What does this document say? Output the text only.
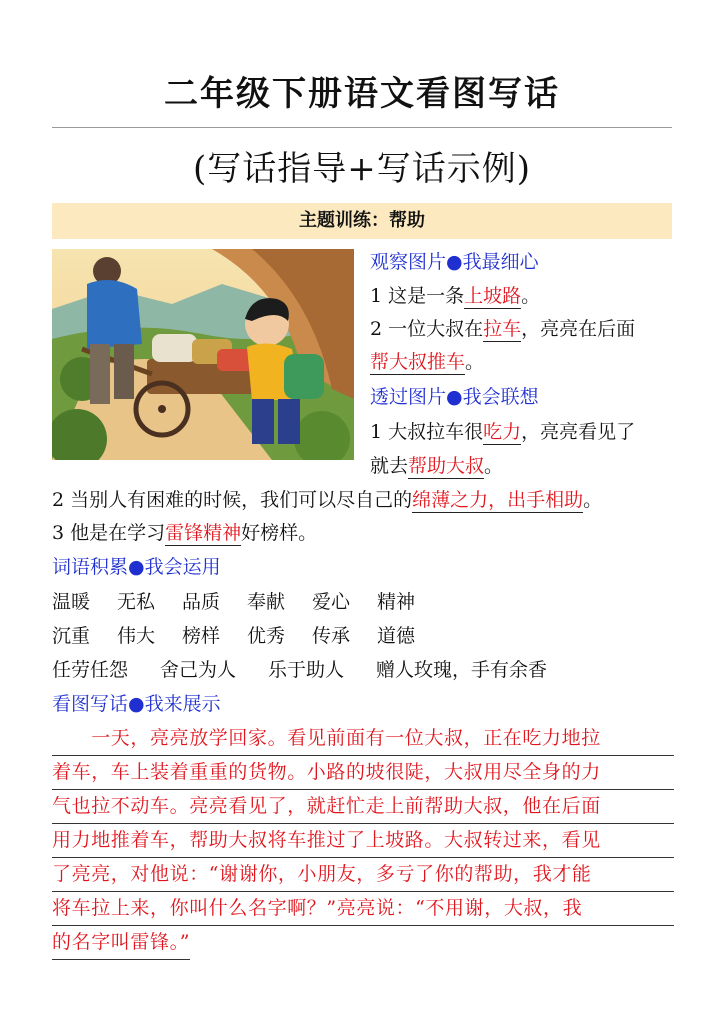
二年级下册语文看图写话
(写话指导+写话示例)
主题训练：帮助
观察图片●我最细心
1 这是一条上坡路。
2 一位大叔在拉车，亮亮在后面
帮大叔推车。
透过图片●我会联想
1 大叔拉车很吃力，亮亮看见了
就去帮助大叔。
2 当别人有困难的时候，我们可以尽自己的绵薄之力，出手相助。
3 他是在学习雷锋精神好榜样。
词语积累●我会运用
温暖 无私 品质 奉献 爱心 精神
沉重 伟大 榜样 优秀 传承 道德
任劳任怨 舍己为人 乐于助人 赠人玫瑰，手有余香
看图写话●我来展示
　　一天，亮亮放学回家。看见前面有一位大叔，正在吃力地拉
着车，车上装着重重的货物。小路的坡很陡，大叔用尽全身的力
气也拉不动车。亮亮看见了，就赶忙走上前帮助大叔，他在后面
用力地推着车，帮助大叔将车推过了上坡路。大叔转过来，看见
了亮亮，对他说：“谢谢你，小朋友，多亏了你的帮助，我才能
将车拉上来，你叫什么名字啊？”亮亮说：“不用谢，大叔，我
的名字叫雷锋。”
